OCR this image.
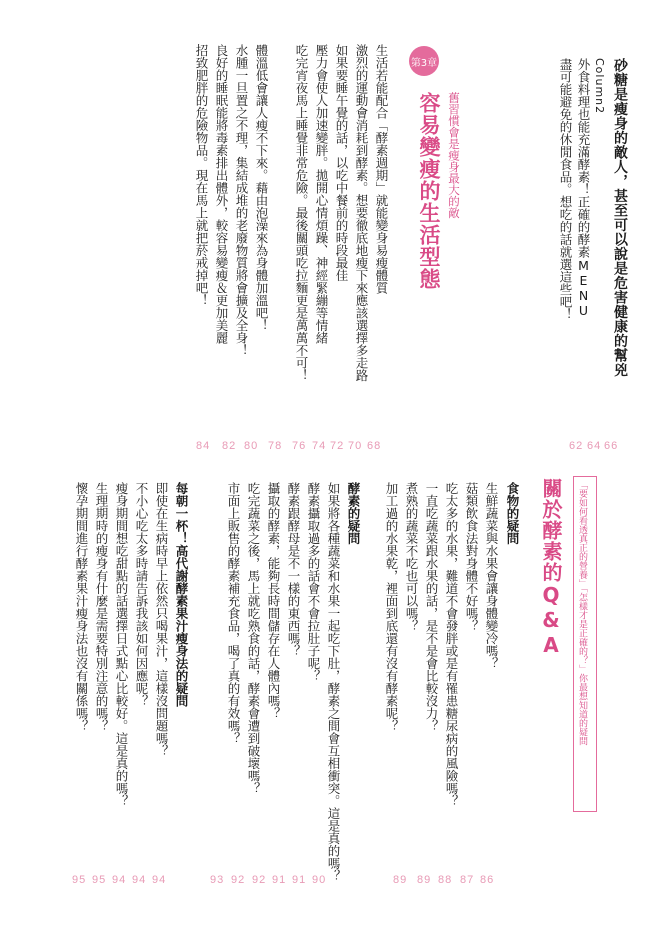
砂糖是瘦身的敵人，甚至可以說是危害健康的幫兇
Column2
外食料理也能充滿酵素！正確的酵素MENU
盡可能避免的休閒食品。想吃的話就選這些吧！
66
64
62
第3章
舊習慣會是瘦身最大的敵
容易變瘦的生活型態
生活若能配合「酵素週期」就能變身易瘦體質
激烈的運動會消耗到酵素。想要徹底地瘦下來應該選擇多走路
如果要睡午覺的話，以吃中餐前的時段最佳
壓力會使人加速變胖。拋開心情煩躁、神經緊繃等情緒
吃完宵夜馬上睡覺非常危險。最後關頭吃拉麵更是萬萬不可！
體溫低會讓人瘦不下來。藉由泡澡來為身體加溫吧！
水腫一旦置之不理，集結成堆的老廢物質將會擴及全身！
良好的睡眠能將毒素排出體外，較容易變瘦＆更加美麗
招致肥胖的危險物品。現在馬上就把菸戒掉吧！
68
70
72
74
76
78
80
82
84
「要如何看透真正的營養」「怎樣才是正確的？」你最想知道的疑問
關於酵素的Q&A
食物的疑問
生鮮蔬菜與水果會讓身體變冷嗎？
菇類飲食法對身體不好嗎？
吃太多的水果，難道不會發胖或是有罹患糖尿病的風險嗎？
一直吃蔬菜跟水果的話，是不是會比較沒力？
煮熟的蔬菜不吃也可以嗎？
加工過的水果乾，裡面到底還有沒有酵素呢？
86
87
88
89
89
酵素的疑問
如果將各種蔬菜和水果一起吃下肚，酵素之間會互相衝突。這是真的嗎？
酵素攝取過多的話會不會拉肚子呢？
酵素跟酵母是不一樣的東西嗎？
攝取的酵素，能夠長時間儲存在人體內嗎？
吃完蔬菜之後，馬上就吃熟食的話，酵素會遭到破壞嗎？
市面上販售的酵素補充食品，喝了真的有效嗎？
90
91
91
92
92
93
每朝一杯！高代謝酵素果汁瘦身法的疑問
即使在生病時早上依然只喝果汁，這樣沒問題嗎？
不小心吃太多時請告訴我該如何因應呢？
瘦身期間想吃甜點的話選擇日式點心比較好。這是真的嗎？
生理期時的瘦身有什麼是需要特別注意的嗎？
懷孕期間進行酵素果汁瘦身法也沒有關係嗎？
94
94
94
95
95
